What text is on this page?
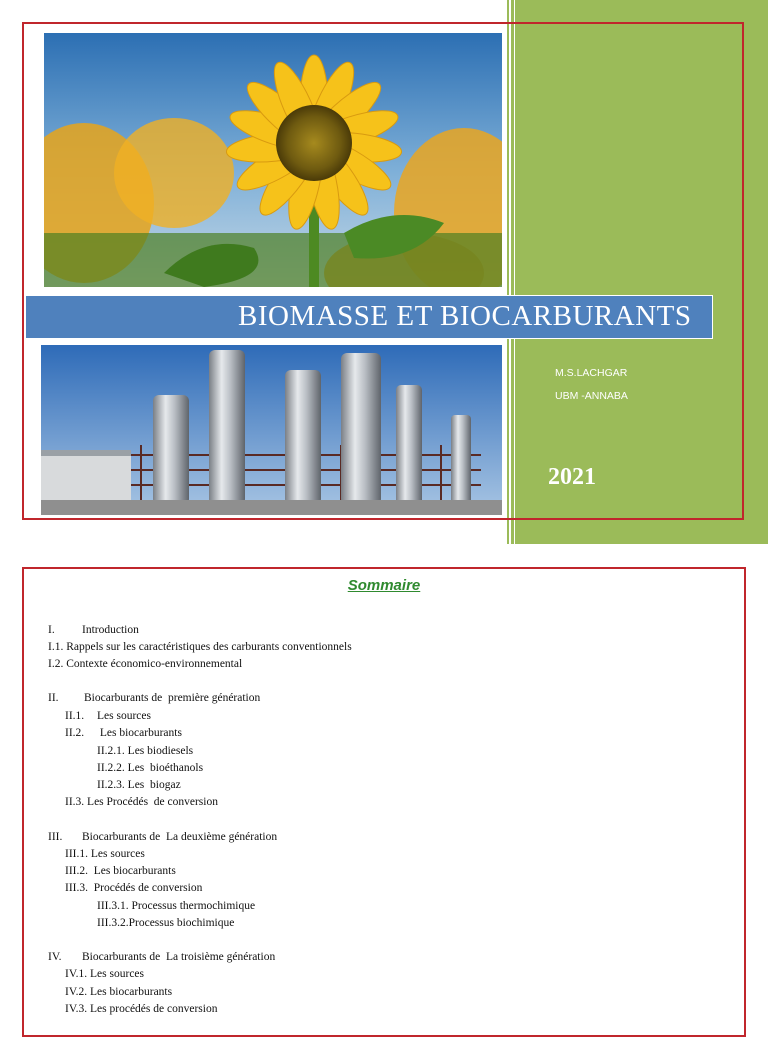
BIOMASSE ET BIOCARBURANTS
M.S.LACHGAR
UBM -ANNABA
2021
Sommaire
I. Introduction
I.1. Rappels sur les caractéristiques des carburants conventionnels
I.2. Contexte économico-environnemental
II. Biocarburants de  première génération
II.1. Les sources
II.2. Les biocarburants
II.2.1. Les biodiesels
II.2.2. Les  bioéthanols
II.2.3. Les  biogaz
II.3. Les Procédés  de conversion
III. Biocarburants de  La deuxième génération
III.1. Les sources
III.2. Les biocarburants
III.3. Procédés de conversion
III.3.1. Processus thermochimique
III.3.2.Processus biochimique
IV. Biocarburants de  La troisième génération
IV.1. Les sources
IV.2. Les biocarburants
IV.3. Les procédés de conversion
